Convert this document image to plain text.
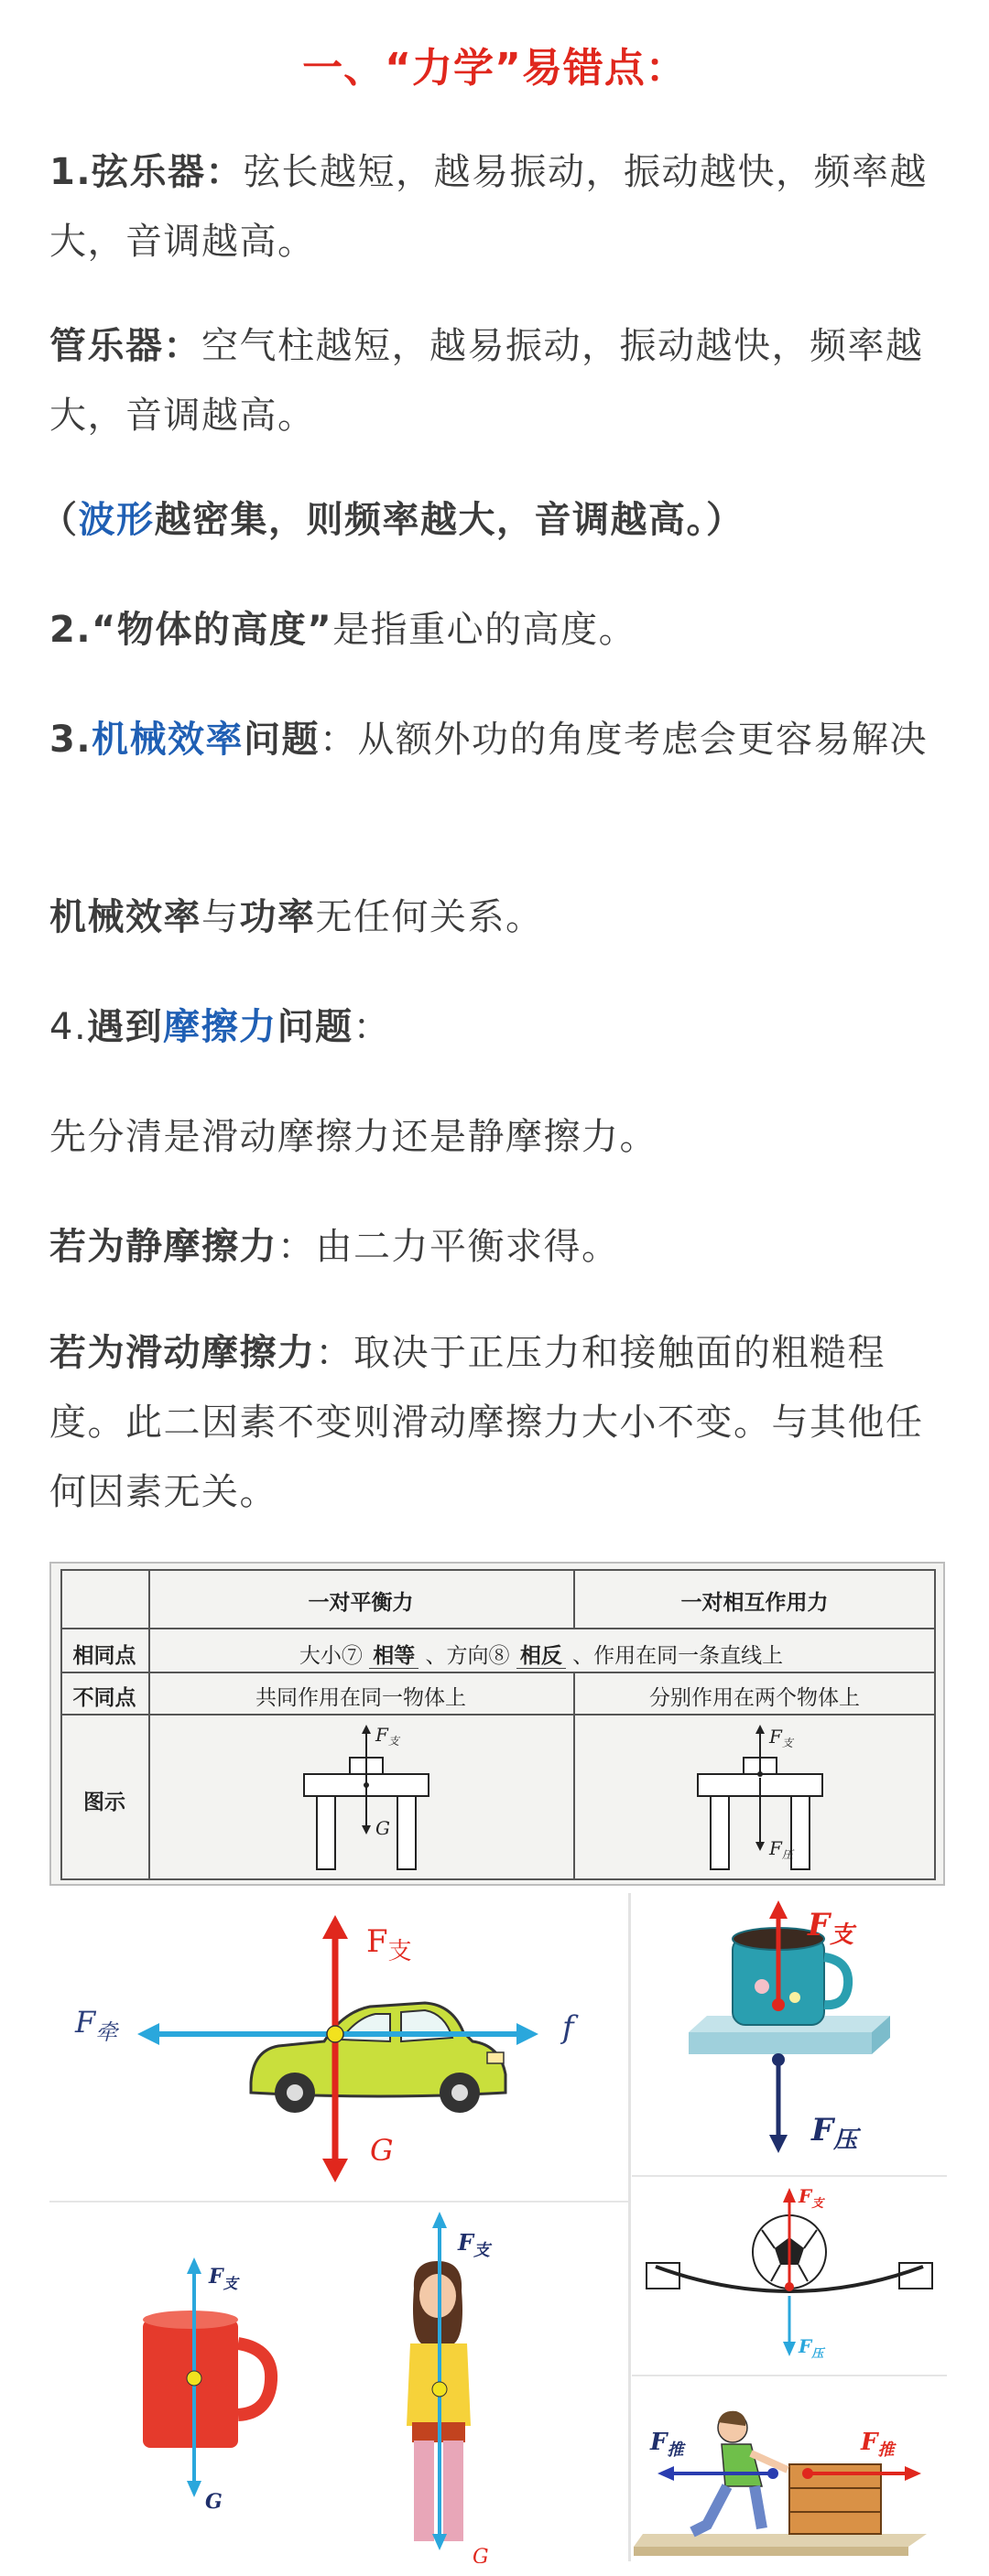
一、“力学”易错点：
1.弦乐器：弦长越短，越易振动，振动越快，频率越大，音调越高。
管乐器：空气柱越短，越易振动，振动越快，频率越大，音调越高。
（波形越密集，则频率越大，音调越高。）
2.“物体的高度”是指重心的高度。
3.机械效率问题：从额外功的角度考虑会更容易解决
机械效率与功率无任何关系。
4.遇到摩擦力问题：
先分清是滑动摩擦力还是静摩擦力。
若为静摩擦力：由二力平衡求得。
若为滑动摩擦力：取决于正压力和接触面的粗糙程度。此二因素不变则滑动摩擦力大小不变。与其他任何因素无关。
一对平衡力	一对相互作用力
相同点	大小⑦ 相等 、方向⑧ 相反 、作用在同一条直线上
不同点	共同作用在同一物体上	分别作用在两个物体上
图示
$F_支$
G
$F_支$
$F_压$
$F_支$
G
$F_牵$	f
$F_支$
$F_压$
$F_支$
G
$F_支$
G
$F_支$
$F_压$
$F_推$	$F_推$
